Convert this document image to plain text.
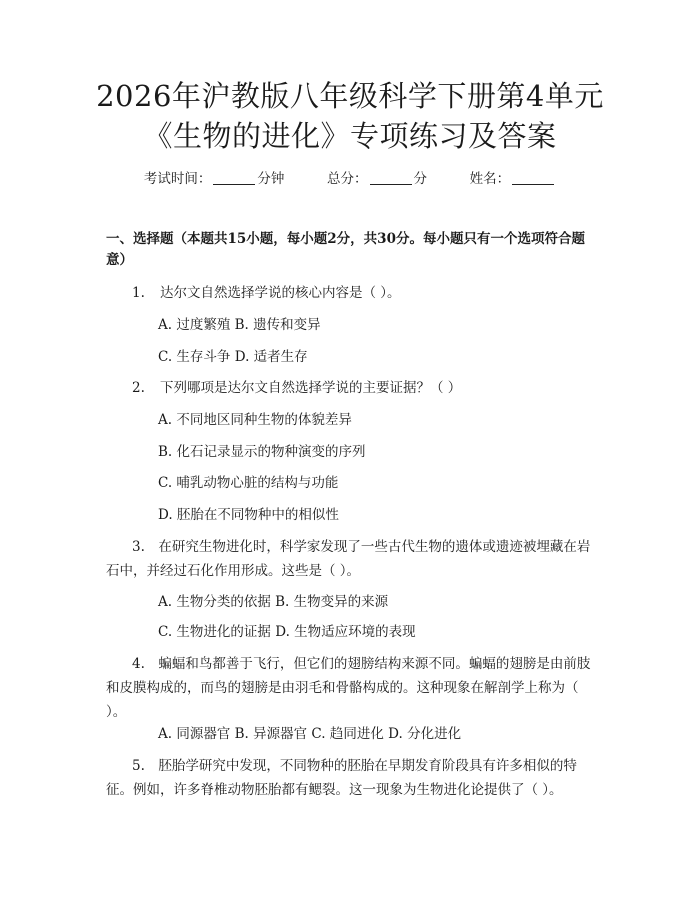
2026年沪教版八年级科学下册第4单元《生物的进化》专项练习及答案
考试时间：	分钟	总分：	分	姓名：
一、选择题（本题共15小题，每小题2分，共30分。每小题只有一个选项符合题意）
1. 达尔文自然选择学说的核心内容是（ ）。
A. 过度繁殖 B. 遗传和变异
C. 生存斗争 D. 适者生存
2. 下列哪项是达尔文自然选择学说的主要证据？（ ）
A. 不同地区同种生物的体貌差异
B. 化石记录显示的物种演变的序列
C. 哺乳动物心脏的结构与功能
D. 胚胎在不同物种中的相似性
3.　在研究生物进化时，科学家发现了一些古代生物的遗体或遗迹被埋藏在岩石中，并经过石化作用形成。这些是（ ）。
A. 生物分类的依据 B. 生物变异的来源
C. 生物进化的证据 D. 生物适应环境的表现
4.　蝙蝠和鸟都善于飞行，但它们的翅膀结构来源不同。蝙蝠的翅膀是由前肢和皮膜构成的，而鸟的翅膀是由羽毛和骨骼构成的。这种现象在解剖学上称为（ ）。
A. 同源器官 B. 异源器官 C. 趋同进化 D. 分化进化
5.　胚胎学研究中发现，不同物种的胚胎在早期发育阶段具有许多相似的特征。例如，许多脊椎动物胚胎都有鳃裂。这一现象为生物进化论提供了（ ）。
